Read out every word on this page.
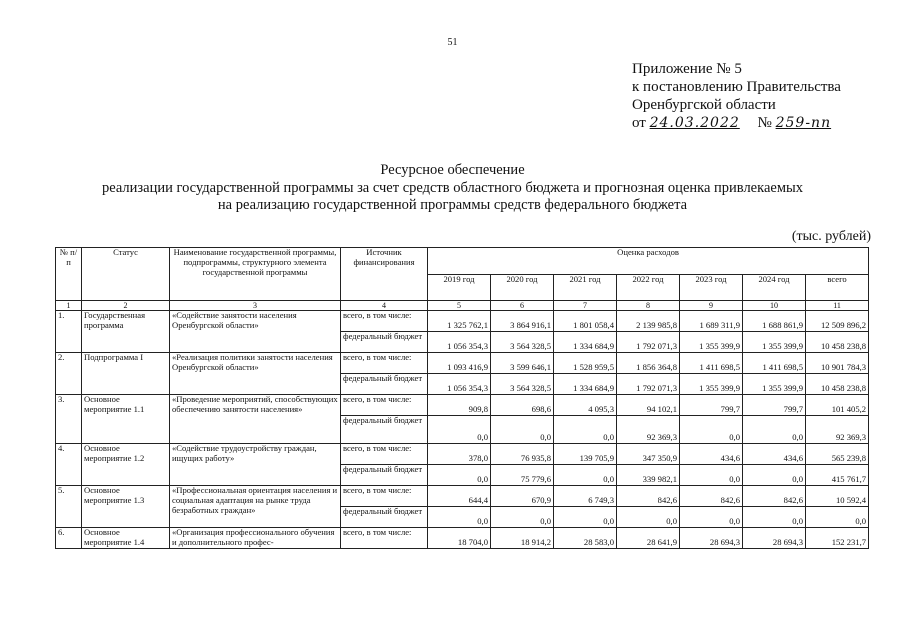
51
Приложение № 5
к постановлению Правительства
Оренбургской области
от 24.03.2022 № 259-пп
Ресурсное обеспечение
реализации государственной программы за счет средств областного бюджета и прогнозная оценка привлекаемых
на реализацию государственной программы средств федерального бюджета
(тыс. рублей)
№ п/п	Статус	Наименование государственной программы, подпрограммы, структурного элемента государственной программы	Источник финансирования	Оценка расходов						
				2019 год	2020 год	2021 год	2022 год	2023 год	2024 год	всего
1	2	3	4	5	6	7	8	9	10	11
1.	Государственная программа	«Содействие занятости населения Оренбургской области»	всего, в том числе:	1 325 762,1	3 864 916,1	1 801 058,4	2 139 985,8	1 689 311,9	1 688 861,9	12 509 896,2
			федеральный бюджет	1 056 354,3	3 564 328,5	1 334 684,9	1 792 071,3	1 355 399,9	1 355 399,9	10 458 238,8
2.	Подпрограмма I	«Реализация политики занятости населения Оренбургской области»	всего, в том числе:	1 093 416,9	3 599 646,1	1 528 959,5	1 856 364,8	1 411 698,5	1 411 698,5	10 901 784,3
			федеральный бюджет	1 056 354,3	3 564 328,5	1 334 684,9	1 792 071,3	1 355 399,9	1 355 399,9	10 458 238,8
3.	Основное мероприятие 1.1	«Проведение мероприятий, способствующих обеспечению занятости населения»	всего, в том числе:	909,8	698,6	4 095,3	94 102,1	799,7	799,7	101 405,2
			федеральный бюджет	0,0	0,0	0,0	92 369,3	0,0	0,0	92 369,3
4.	Основное мероприятие 1.2	«Содействие трудоустройству граждан, ищущих работу»	всего, в том числе:	378,0	76 935,8	139 705,9	347 350,9	434,6	434,6	565 239,8
			федеральный бюджет	0,0	75 779,6	0,0	339 982,1	0,0	0,0	415 761,7
5.	Основное мероприятие 1.3	«Профессиональная ориентация населения и социальная адаптация на рынке труда безработных граждан»	всего, в том числе:	644,4	670,9	6 749,3	842,6	842,6	842,6	10 592,4
			федеральный бюджет	0,0	0,0	0,0	0,0	0,0	0,0	0,0
6.	Основное мероприятие 1.4	«Организация профессионального обучения и дополнительного профес-	всего, в том числе:	18 704,0	18 914,2	28 583,0	28 641,9	28 694,3	28 694,3	152 231,7
